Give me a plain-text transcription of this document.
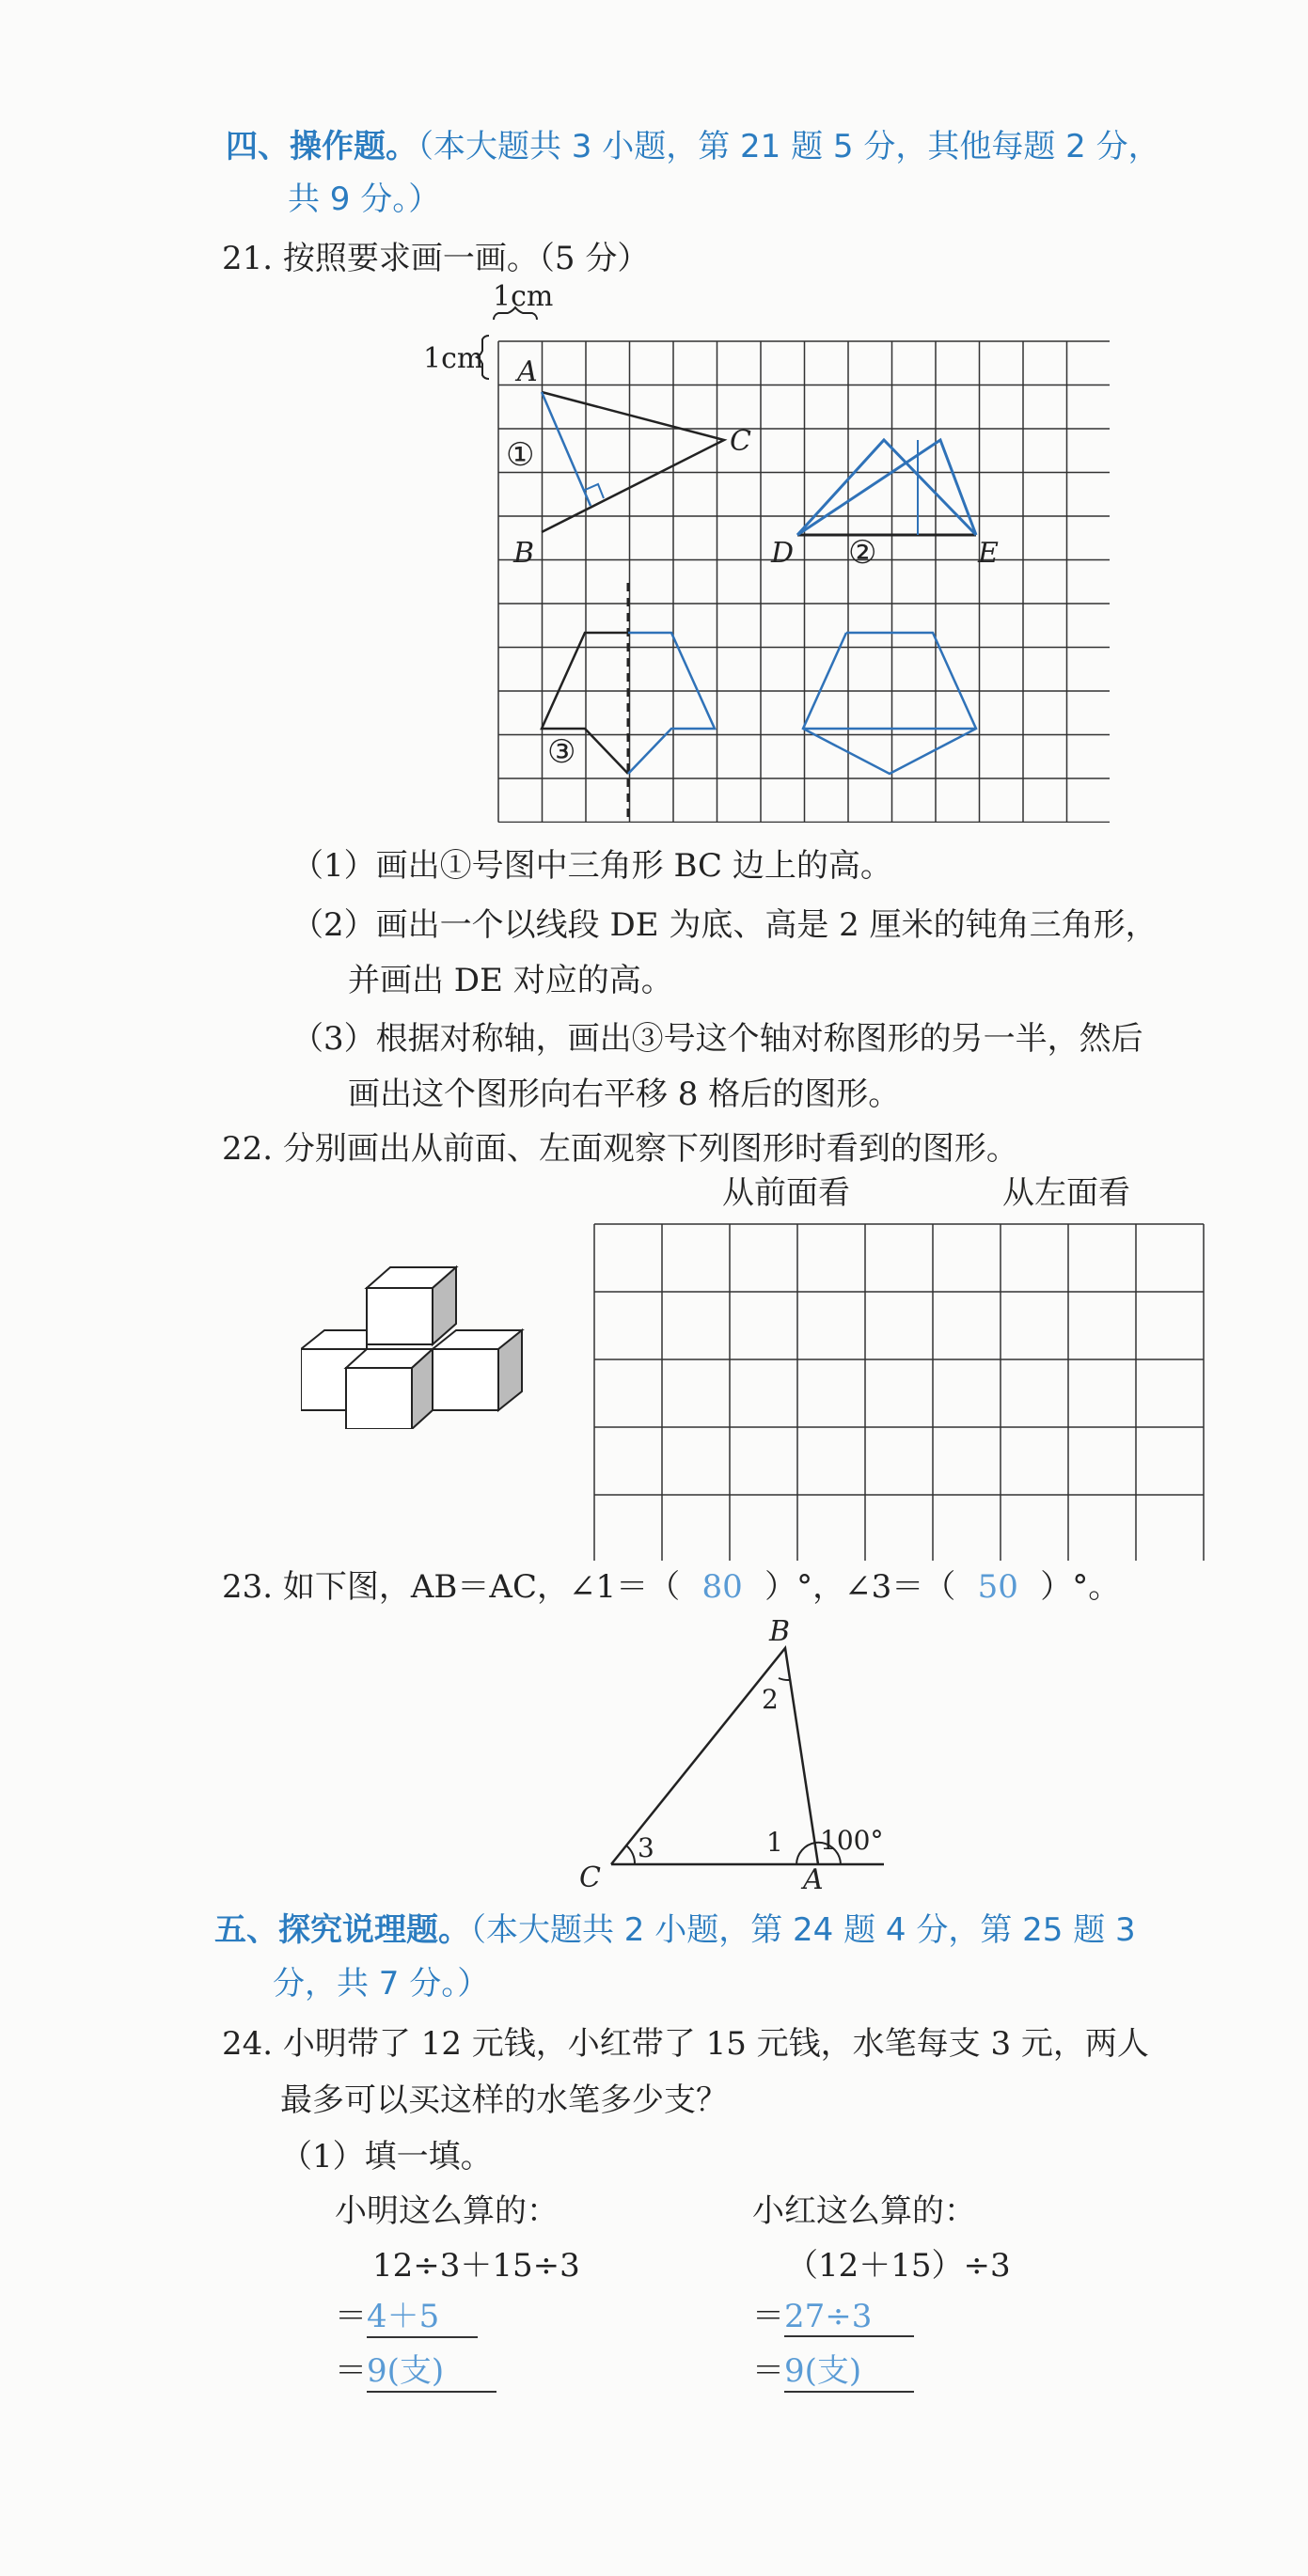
四、操作题。（本大题共 3 小题，第 21 题 5 分，其他每题 2 分，
共 9 分。）
21. 按照要求画一画。（5 分）
1cm
1cm A
C
B
①
D	E
②
③
（1）画出①号图中三角形 BC 边上的高。
（2）画出一个以线段 DE 为底、高是 2 厘米的钝角三角形，
并画出 DE 对应的高。
（3）根据对称轴，画出③号这个轴对称图形的另一半，然后
画出这个图形向右平移 8 格后的图形。
22. 分别画出从前面、左面观察下列图形时看到的图形。
从前面看	从左面看
23. 如下图，AB＝AC，∠1＝（ 80 ）°，∠3＝（ 50 ）°。
B
C	A
2
3	1 100°
五、探究说理题。（本大题共 2 小题，第 24 题 4 分，第 25 题 3
分，共 7 分。）
24. 小明带了 12 元钱，小红带了 15 元钱，水笔每支 3 元，两人
最多可以买这样的水笔多少支？
（1）填一填。
小明这么算的：
12÷3＋15÷3
＝4＋5
＝9(支)
小红这么算的：
（12＋15）÷3
＝27÷3
＝9(支)
